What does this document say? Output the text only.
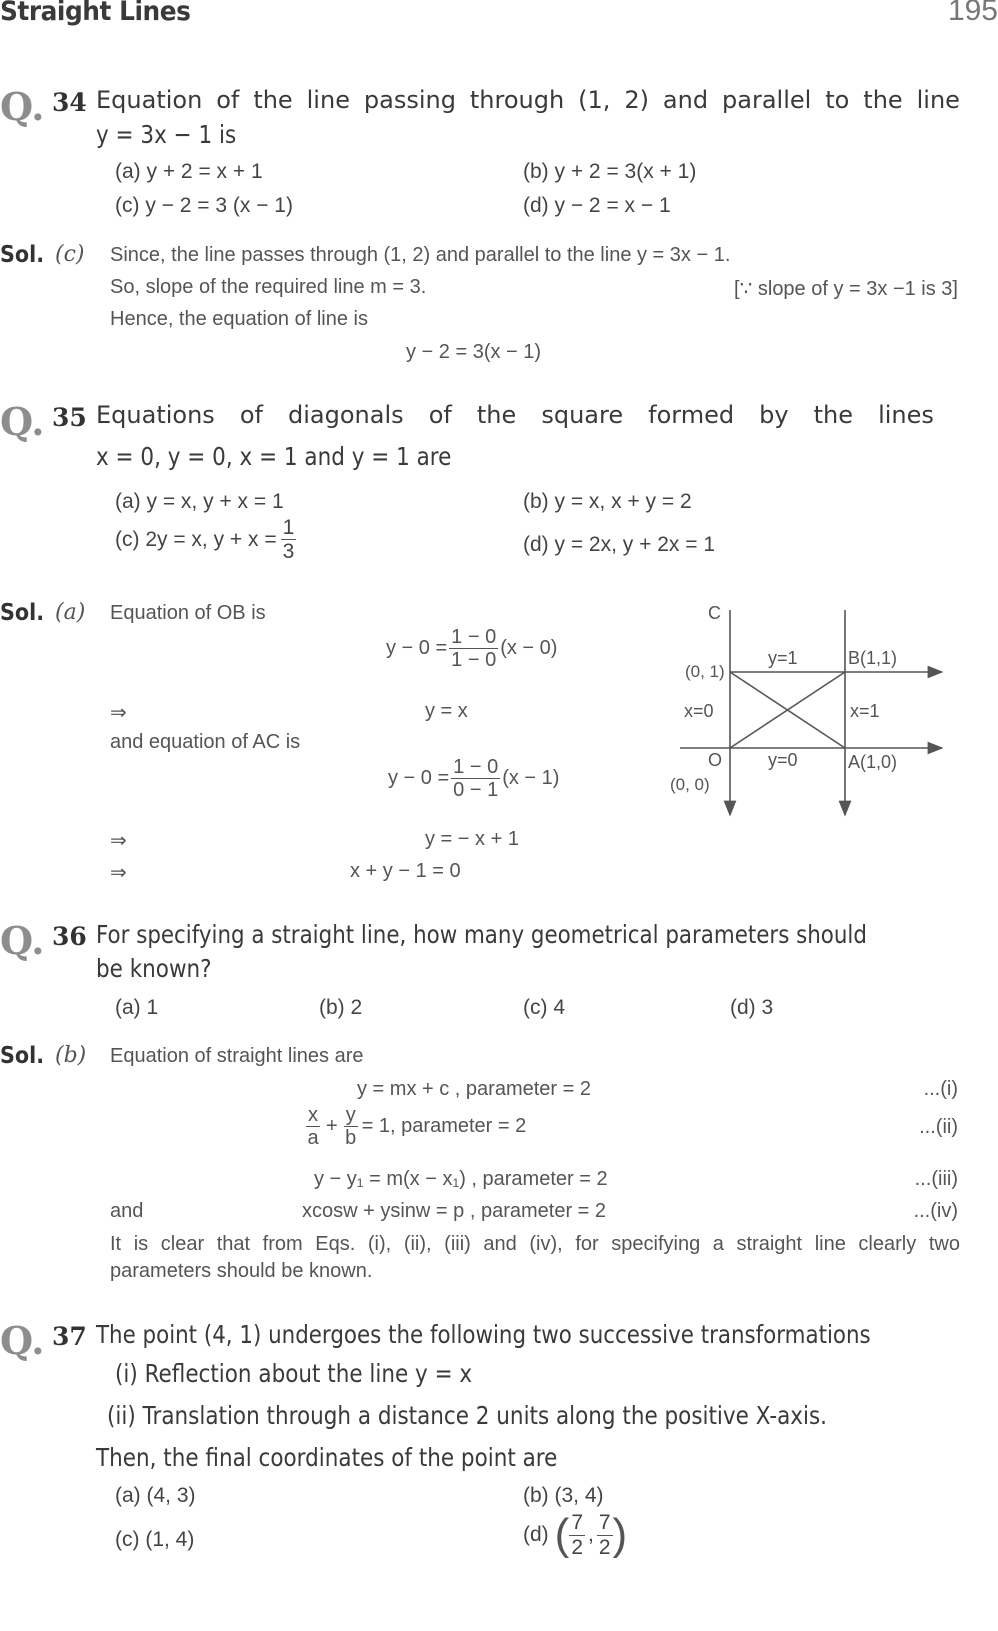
Straight Lines	195
Q. 34 Equation of the line passing through (1, 2) and parallel to the line
y = 3x − 1 is
(a) y + 2 = x + 1	(b) y + 2 = 3(x + 1)
(c) y − 2 = 3 (x − 1)	(d) y − 2 = x − 1
Sol. (c) Since, the line passes through (1, 2) and parallel to the line y = 3x − 1.
So, slope of the required line m = 3.	[∵ slope of y = 3x −1 is 3]
Hence, the equation of line is
y − 2 = 3(x − 1)
Q. 35 Equations of diagonals of the square formed by the lines
x = 0, y = 0, x = 1 and y = 1 are
(a) y = x, y + x = 1	(b) y = x, x + y = 2
(c) 2y = x, $y + x = \frac{1}{3}$	(d) y = 2x, y + 2x = 1
Sol. (a) Equation of OB is
$y - 0 = \frac{1 - 0}{1 - 0} (x - 0)$
⇒	y = x
and equation of AC is
$y - 0 = \frac{1 - 0}{0 - 1} (x - 1)$
⇒	y = − x + 1
⇒	x + y − 1 = 0
C
(0, 1)
y=1	B(1,1)
x=0	x=1
O	y=0	A(1,0)
(0, 0)
Q. 36 For specifying a straight line, how many geometrical parameters should
be known?
(a) 1	(b) 2	(c) 4	(d) 3
Sol. (b) Equation of straight lines are
y = mx + c , parameter = 2	...(i)
$\frac{x}{a} + \frac{y}{b} = 1$, parameter = 2	...(ii)
y − y₁ = m(x − x₁) , parameter = 2	...(iii)
and	xcosw + ysinw = p , parameter = 2	...(iv)
It is clear that from Eqs. (i), (ii), (iii) and (iv), for specifying a straight line clearly two
parameters should be known.
Q. 37 The point (4, 1) undergoes the following two successive transformations
(i) Reflection about the line y = x
(ii) Translation through a distance 2 units along the positive X-axis.
Then, the final coordinates of the point are
(a) (4, 3)	(b) (3, 4)
(c) (1, 4)	(d) ( $\frac{7}{2}$ , $\frac{7}{2}$ )
